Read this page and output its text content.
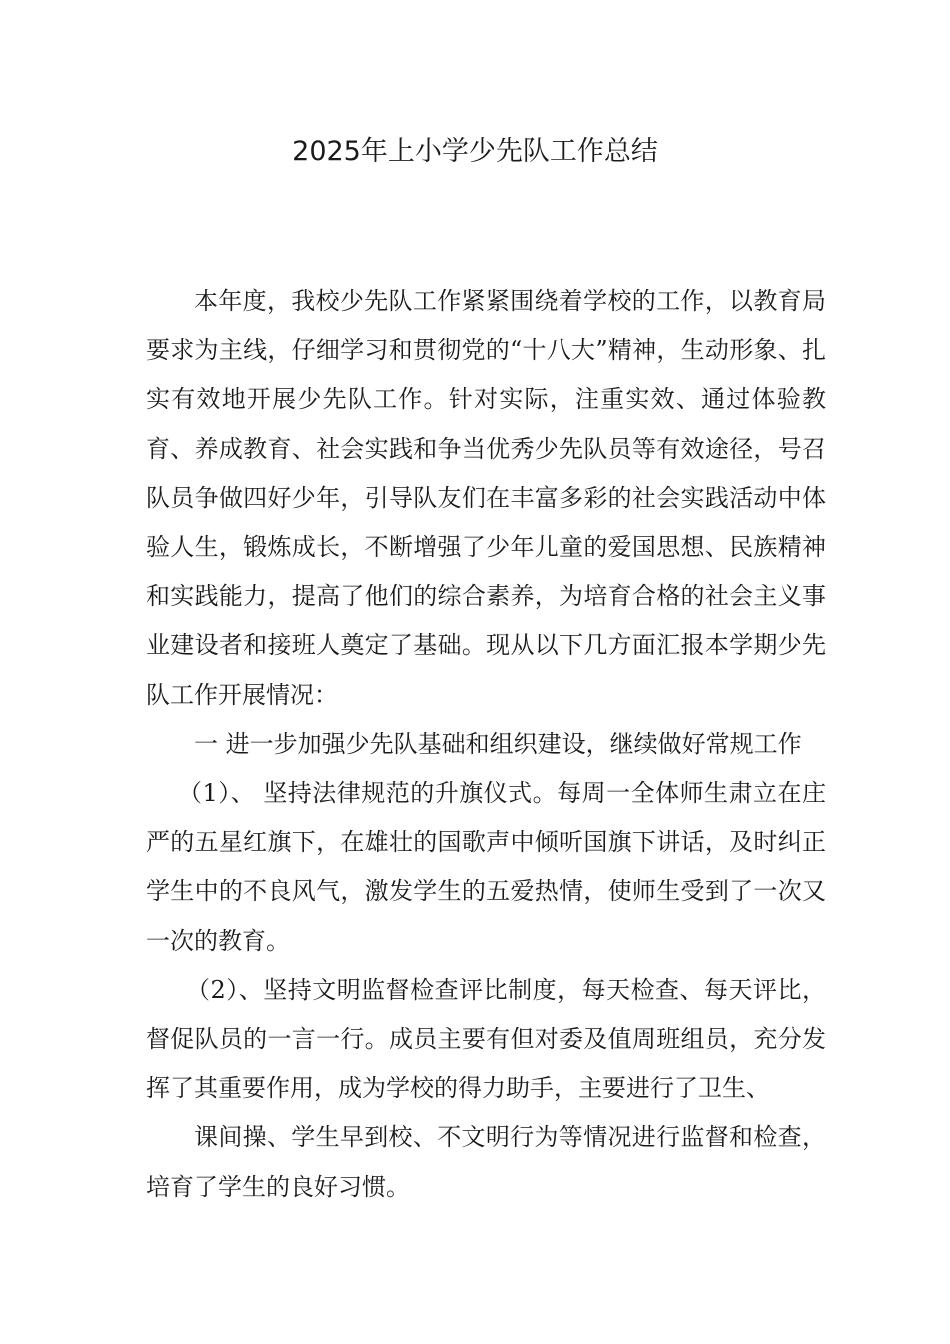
2025年上小学少先队工作总结

本年度，我校少先队工作紧紧围绕着学校的工作，以教育局要求为主线，仔细学习和贯彻党的“十八大”精神，生动形象、扎实有效地开展少先队工作。针对实际，注重实效、通过体验教育、养成教育、社会实践和争当优秀少先队员等有效途径，号召队员争做四好少年，引导队友们在丰富多彩的社会实践活动中体验人生，锻炼成长，不断增强了少年儿童的爱国思想、民族精神和实践能力，提高了他们的综合素养，为培育合格的社会主义事业建设者和接班人奠定了基础。现从以下几方面汇报本学期少先队工作开展情况：

一 进一步加强少先队基础和组织建设，继续做好常规工作

（1）、 坚持法律规范的升旗仪式。每周一全体师生肃立在庄严的五星红旗下，在雄壮的国歌声中倾听国旗下讲话，及时纠正学生中的不良风气，激发学生的五爱热情，使师生受到了一次又一次的教育。

（2）、坚持文明监督检查评比制度，每天检查、每天评比，督促队员的一言一行。成员主要有但对委及值周班组员，充分发挥了其重要作用，成为学校的得力助手，主要进行了卫生、

课间操、学生早到校、不文明行为等情况进行监督和检查，培育了学生的良好习惯。
